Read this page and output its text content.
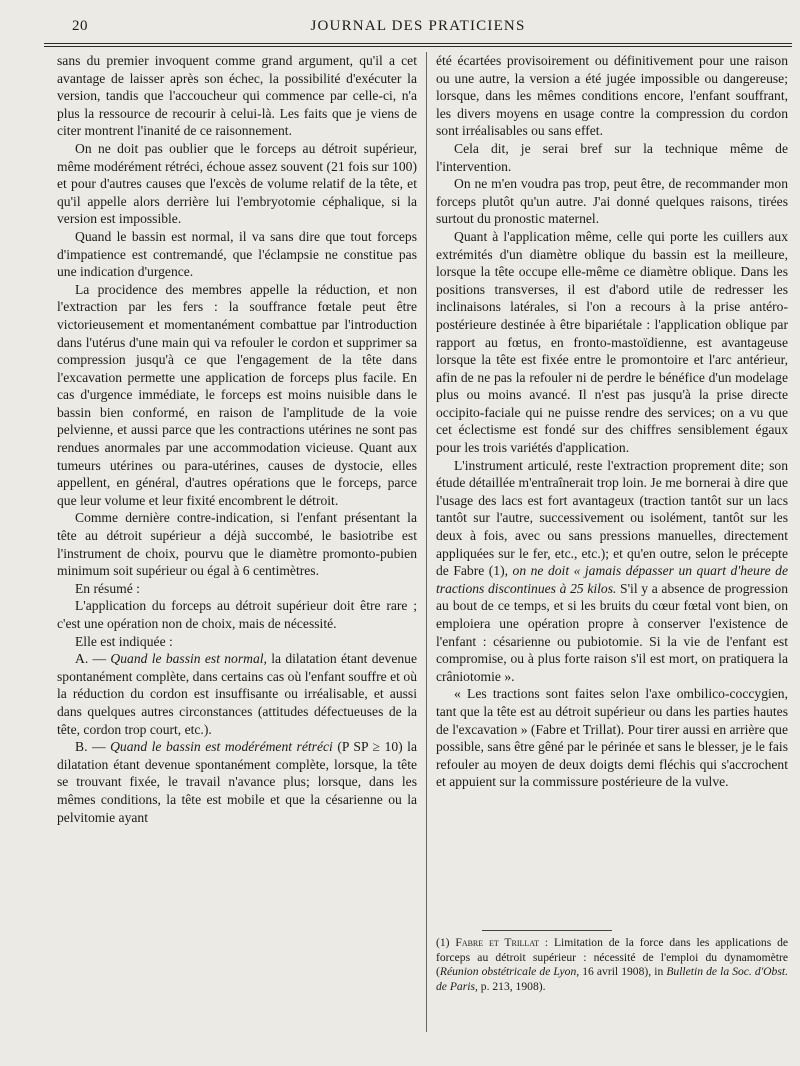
20	JOURNAL DES PRATICIENS

sans du premier invoquent comme grand argument, qu'il a cet avantage de laisser après son échec, la possibilité d'exécuter la version, tandis que l'accoucheur qui commence par celle-ci, n'a plus la ressource de recourir à celui-là. Les faits que je viens de citer montrent l'inanité de ce raisonnement.

On ne doit pas oublier que le forceps au détroit supérieur, même modérément rétréci, échoue assez souvent (21 fois sur 100) et pour d'autres causes que l'excès de volume relatif de la tête, et qu'il appelle alors derrière lui l'embryotomie céphalique, si la version est impossible.

Quand le bassin est normal, il va sans dire que tout forceps d'impatience est contremandé, que l'éclampsie ne constitue pas une indication d'urgence.

La procidence des membres appelle la réduction, et non l'extraction par les fers : la souffrance fœtale peut être victorieusement et momentanément combattue par l'introduction dans l'utérus d'une main qui va refouler le cordon et supprimer sa compression jusqu'à ce que l'engagement de la tête dans l'excavation permette une application de forceps plus facile. En cas d'urgence immédiate, le forceps est moins nuisible dans le bassin bien conformé, en raison de l'amplitude de la voie pelvienne, et aussi parce que les contractions utérines ne sont pas rendues anormales par une accommodation vicieuse. Quant aux tumeurs utérines ou para-utérines, causes de dystocie, elles appellent, en général, d'autres opérations que le forceps, parce que leur volume et leur fixité encombrent le détroit.

Comme dernière contre-indication, si l'enfant présentant la tête au détroit supérieur a déjà succombé, le basiotribe est l'instrument de choix, pourvu que le diamètre promonto-pubien minimum soit supérieur ou égal à 6 centimètres.

En résumé :

L'application du forceps au détroit supérieur doit être rare ; c'est une opération non de choix, mais de nécessité.

Elle est indiquée :

A. — Quand le bassin est normal, la dilatation étant devenue spontanément complète, dans certains cas où l'enfant souffre et où la réduction du cordon est insuffisante ou irréalisable, et aussi dans quelques autres circonstances (attitudes défectueuses de la tête, cordon trop court, etc.).

B. — Quand le bassin est modérément rétréci (P SP ≥ 10) la dilatation étant devenue spontanément complète, lorsque, la tête se trouvant fixée, le travail n'avance plus; lorsque, dans les mêmes conditions, la tête est mobile et que la césarienne ou la pelvitomie ayant

été écartées provisoirement ou définitivement pour une raison ou une autre, la version a été jugée impossible ou dangereuse; lorsque, dans les mêmes conditions encore, l'enfant souffrant, les divers moyens en usage contre la compression du cordon sont irréalisables ou sans effet.

Cela dit, je serai bref sur la technique même de l'intervention.

On ne m'en voudra pas trop, peut être, de recommander mon forceps plutôt qu'un autre. J'ai donné quelques raisons, tirées surtout du pronostic maternel.

Quant à l'application même, celle qui porte les cuillers aux extrémités d'un diamètre oblique du bassin est la meilleure, lorsque la tête occupe elle-même ce diamètre oblique. Dans les positions transverses, il est d'abord utile de redresser les inclinaisons latérales, si l'on a recours à la prise antéro-postérieure destinée à être bipariétale : l'application oblique par rapport au fœtus, en fronto-mastoïdienne, est avantageuse lorsque la tête est fixée entre le promontoire et l'arc antérieur, afin de ne pas la refouler ni de perdre le bénéfice d'un modelage plus ou moins avancé. Il n'est pas jusqu'à la prise directe occipito-faciale qui ne puisse rendre des services; on a vu que cet éclectisme est fondé sur des chiffres sensiblement égaux pour les trois variétés d'application.

L'instrument articulé, reste l'extraction proprement dite; son étude détaillée m'entraînerait trop loin. Je me bornerai à dire que l'usage des lacs est fort avantageux (traction tantôt sur un lacs tantôt sur l'autre, successivement ou isolément, tantôt sur les deux à fois, avec ou sans pressions manuelles, directement appliquées sur le fer, etc., etc.); et qu'en outre, selon le précepte de Fabre (1), on ne doit « jamais dépasser un quart d'heure de tractions discontinues à 25 kilos. S'il y a absence de progression au bout de ce temps, et si les bruits du cœur fœtal vont bien, on emploiera une opération propre à conserver l'existence de l'enfant : césarienne ou pubiotomie. Si la vie de l'enfant est compromise, ou à plus forte raison s'il est mort, on pratiquera la crâniotomie ».

« Les tractions sont faites selon l'axe ombilico-coccygien, tant que la tête est au détroit supérieur ou dans les parties hautes de l'excavation » (Fabre et Trillat). Pour tirer aussi en arrière que possible, sans être gêné par le périnée et sans le blesser, je le fais refouler au moyen de deux doigts demi fléchis qui s'accrochent et appuient sur la commissure postérieure de la vulve.

(1) Fabre et Trillat : Limitation de la force dans les applications de forceps au détroit supérieur : nécessité de l'emploi du dynamomètre (Réunion obstétricale de Lyon, 16 avril 1908), in Bulletin de la Soc. d'Obst. de Paris, p. 213, 1908).
